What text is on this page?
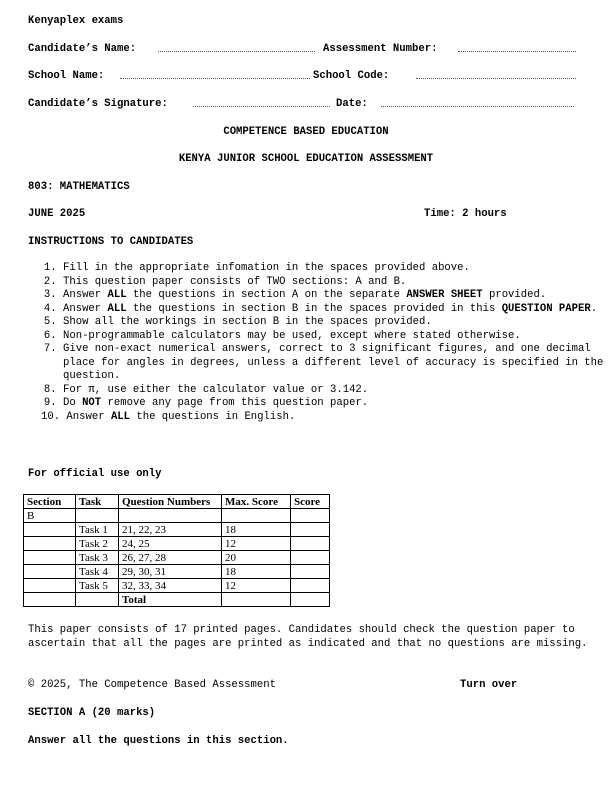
Kenyaplex exams
Candidate’s Name:	Assessment Number:
School Name:	School Code:
Candidate’s Signature:	Date:
COMPETENCE BASED EDUCATION
KENYA JUNIOR SCHOOL EDUCATION ASSESSMENT
803: MATHEMATICS
JUNE 2025	Time: 2 hours
INSTRUCTIONS TO CANDIDATES
1. Fill in the appropriate infomation in the spaces provided above.
2. This question paper consists of TWO sections: A and B.
3. Answer ALL the questions in section A on the separate ANSWER SHEET provided.
4. Answer ALL the questions in section B in the spaces provided in this QUESTION PAPER.
5. Show all the workings in section B in the spaces provided.
6. Non-programmable calculators may be used, except where stated otherwise.
7. Give non-exact numerical answers, correct to 3 significant figures, and one decimal place for angles in degrees, unless a different level of accuracy is specified in the question.
8. For π, use either the calculator value or 3.142.
9. Do NOT remove any page from this question paper.
10. Answer ALL the questions in English.
For official use only
Section	Task	Question Numbers	Max. Score	Score
B				
	Task 1	21, 22, 23	18	
	Task 2	24, 25	12	
	Task 3	26, 27, 28	20	
	Task 4	29, 30, 31	18	
	Task 5	32, 33, 34	12	
		Total		
This paper consists of 17 printed pages. Candidates should check the question paper to ascertain that all the pages are printed as indicated and that no questions are missing.
© 2025, The Competence Based Assessment	Turn over
SECTION A (20 marks)
Answer all the questions in this section.
